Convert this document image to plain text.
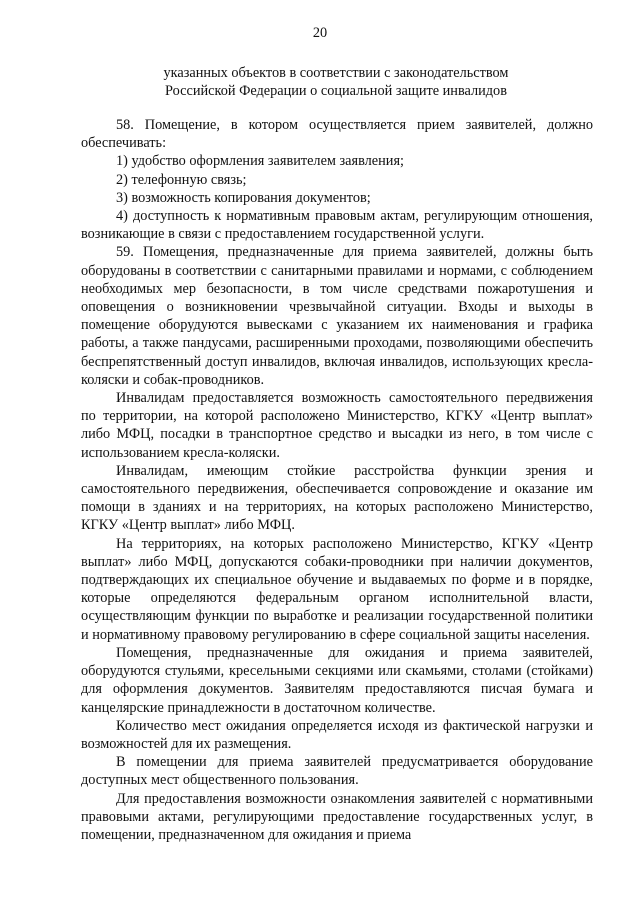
20

указанных объектов в соответствии с законодательством

Российской Федерации о социальной защите инвалидов

58. Помещение, в котором осуществляется прием заявителей, должно обеспечивать:

1) удобство оформления заявителем заявления;

2) телефонную связь;

3) возможность копирования документов;

4) доступность к нормативным правовым актам, регулирующим отношения, возникающие в связи с предоставлением государственной услуги.

59. Помещения, предназначенные для приема заявителей, должны быть оборудованы в соответствии с санитарными правилами и нормами, с соблюдением необходимых мер безопасности, в том числе средствами пожаротушения и оповещения о возникновении чрезвычайной ситуации. Входы и выходы в помещение оборудуются вывесками с указанием их наименования и графика работы, а также пандусами, расширенными проходами, позволяющими обеспечить беспрепятственный доступ инвалидов, включая инвалидов, использующих кресла-коляски и собак-проводников.

Инвалидам предоставляется возможность самостоятельного передвижения по территории, на которой расположено Министерство, КГКУ «Центр выплат» либо МФЦ, посадки в транспортное средство и высадки из него, в том числе с использованием кресла-коляски.

Инвалидам, имеющим стойкие расстройства функции зрения и самостоятельного передвижения, обеспечивается сопровождение и оказание им помощи в зданиях и на территориях, на которых расположено Министерство, КГКУ «Центр выплат» либо МФЦ.

На территориях, на которых расположено Министерство, КГКУ «Центр выплат» либо МФЦ, допускаются собаки-проводники при наличии документов, подтверждающих их специальное обучение и выдаваемых по форме и в порядке, которые определяются федеральным органом исполнительной власти, осуществляющим функции по выработке и реализации государственной политики и нормативному правовому регулированию в сфере социальной защиты населения.

Помещения, предназначенные для ожидания и приема заявителей, оборудуются стульями, кресельными секциями или скамьями, столами (стойками) для оформления документов. Заявителям предоставляются писчая бумага и канцелярские принадлежности в достаточном количестве.

Количество мест ожидания определяется исходя из фактической нагрузки и возможностей для их размещения.

В помещении для приема заявителей предусматривается оборудование доступных мест общественного пользования.

Для предоставления возможности ознакомления заявителей с нормативными правовыми актами, регулирующими предоставление государственных услуг, в помещении, предназначенном для ожидания и приема
